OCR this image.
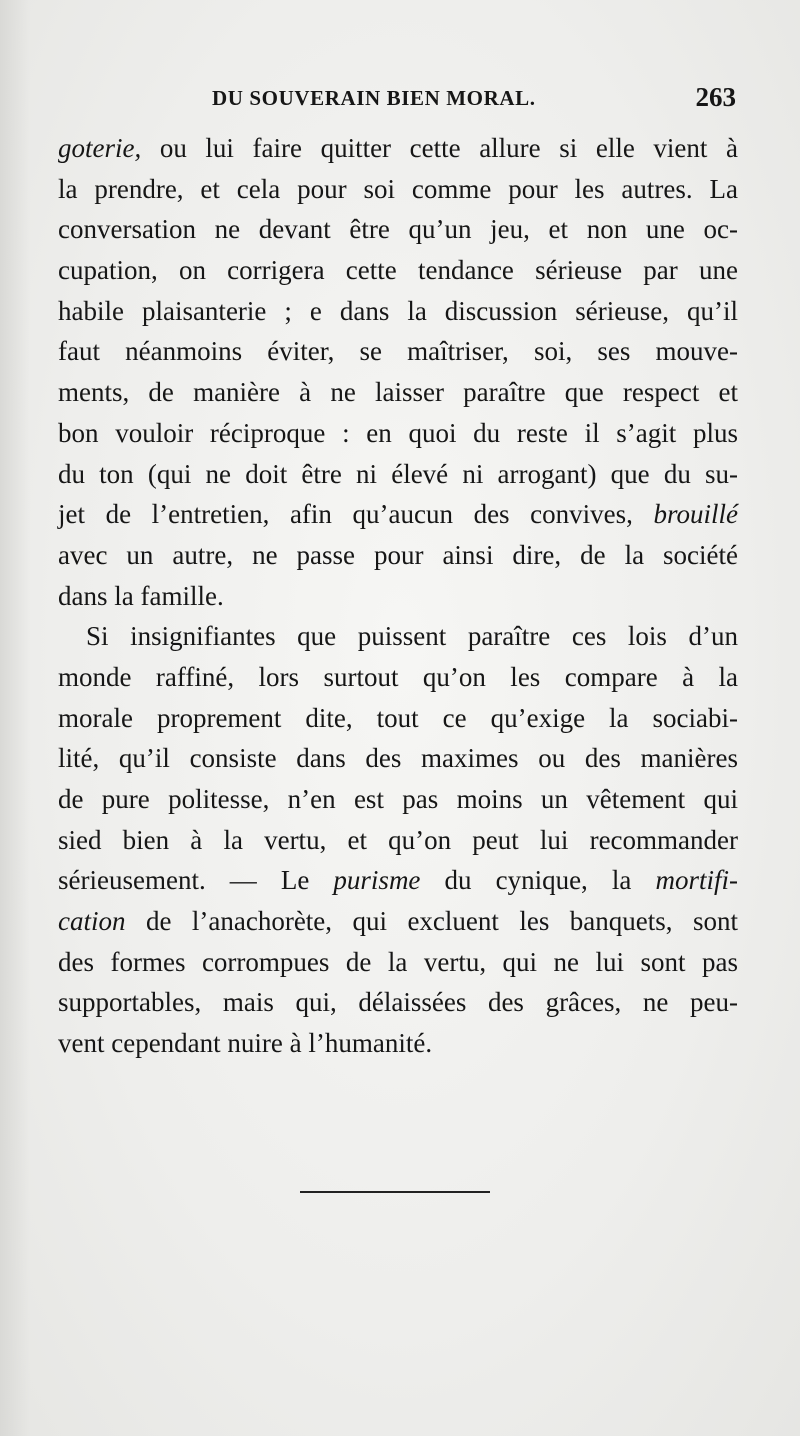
DU SOUVERAIN BIEN MORAL.	263
goterie, ou lui faire quitter cette allure si elle vient à
la prendre, et cela pour soi comme pour les autres. La
conversation ne devant être qu’un jeu, et non une oc-
cupation, on corrigera cette tendance sérieuse par une
habile plaisanterie ; e dans la discussion sérieuse, qu’il
faut néanmoins éviter, se maîtriser, soi, ses mouve-
ments, de manière à ne laisser paraître que respect et
bon vouloir réciproque : en quoi du reste il s’agit plus
du ton (qui ne doit être ni élevé ni arrogant) que du su-
jet de l’entretien, afin qu’aucun des convives, brouillé
avec un autre, ne passe pour ainsi dire, de la société
dans la famille.
Si insignifiantes que puissent paraître ces lois d’un
monde raffiné, lors surtout qu’on les compare à la
morale proprement dite, tout ce qu’exige la sociabi-
lité, qu’il consiste dans des maximes ou des manières
de pure politesse, n’en est pas moins un vêtement qui
sied bien à la vertu, et qu’on peut lui recommander
sérieusement. — Le purisme du cynique, la mortifi-
cation de l’anachorète, qui excluent les banquets, sont
des formes corrompues de la vertu, qui ne lui sont pas
supportables, mais qui, délaissées des grâces, ne peu-
vent cependant nuire à l’humanité.
